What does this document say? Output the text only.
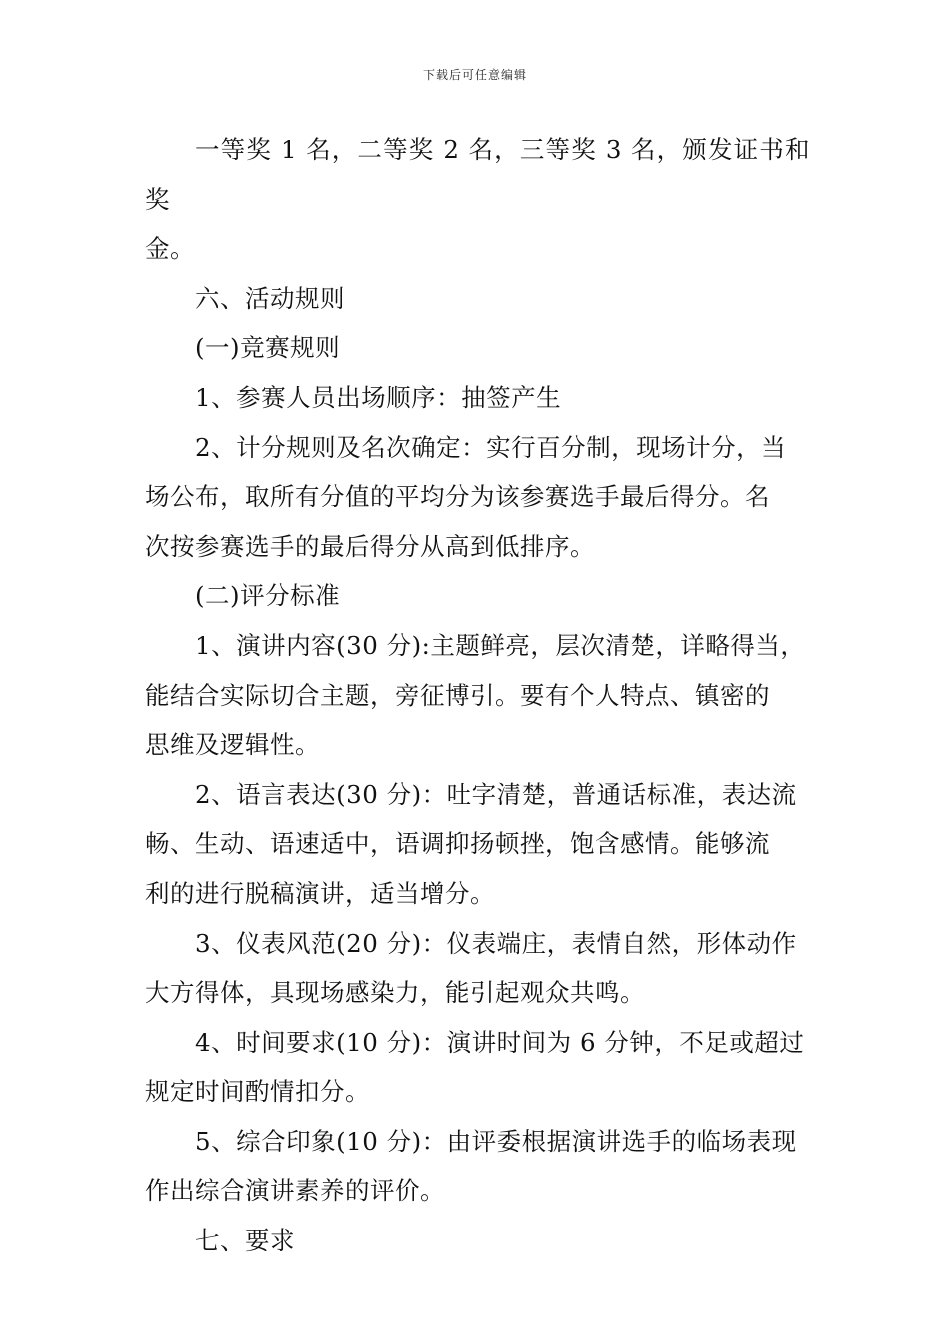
下载后可任意编辑

一等奖 1 名，二等奖 2 名，三等奖 3 名，颁发证书和奖

金。

六、活动规则

(一)竞赛规则

1、参赛人员出场顺序：抽签产生

2、计分规则及名次确定：实行百分制，现场计分，当

场公布，取所有分值的平均分为该参赛选手最后得分。名

次按参赛选手的最后得分从高到低排序。

(二)评分标准

1、演讲内容(30 分):主题鲜亮，层次清楚，详略得当，

能结合实际切合主题，旁征博引。要有个人特点、镇密的

思维及逻辑性。

2、语言表达(30 分)：吐字清楚，普通话标准，表达流

畅、生动、语速适中，语调抑扬顿挫，饱含感情。能够流

利的进行脱稿演讲，适当增分。

3、仪表风范(20 分)：仪表端庄，表情自然，形体动作

大方得体，具现场感染力，能引起观众共鸣。

4、时间要求(10 分)：演讲时间为 6 分钟，不足或超过

规定时间酌情扣分。

5、综合印象(10 分)：由评委根据演讲选手的临场表现

作出综合演讲素养的评价。

七、要求
